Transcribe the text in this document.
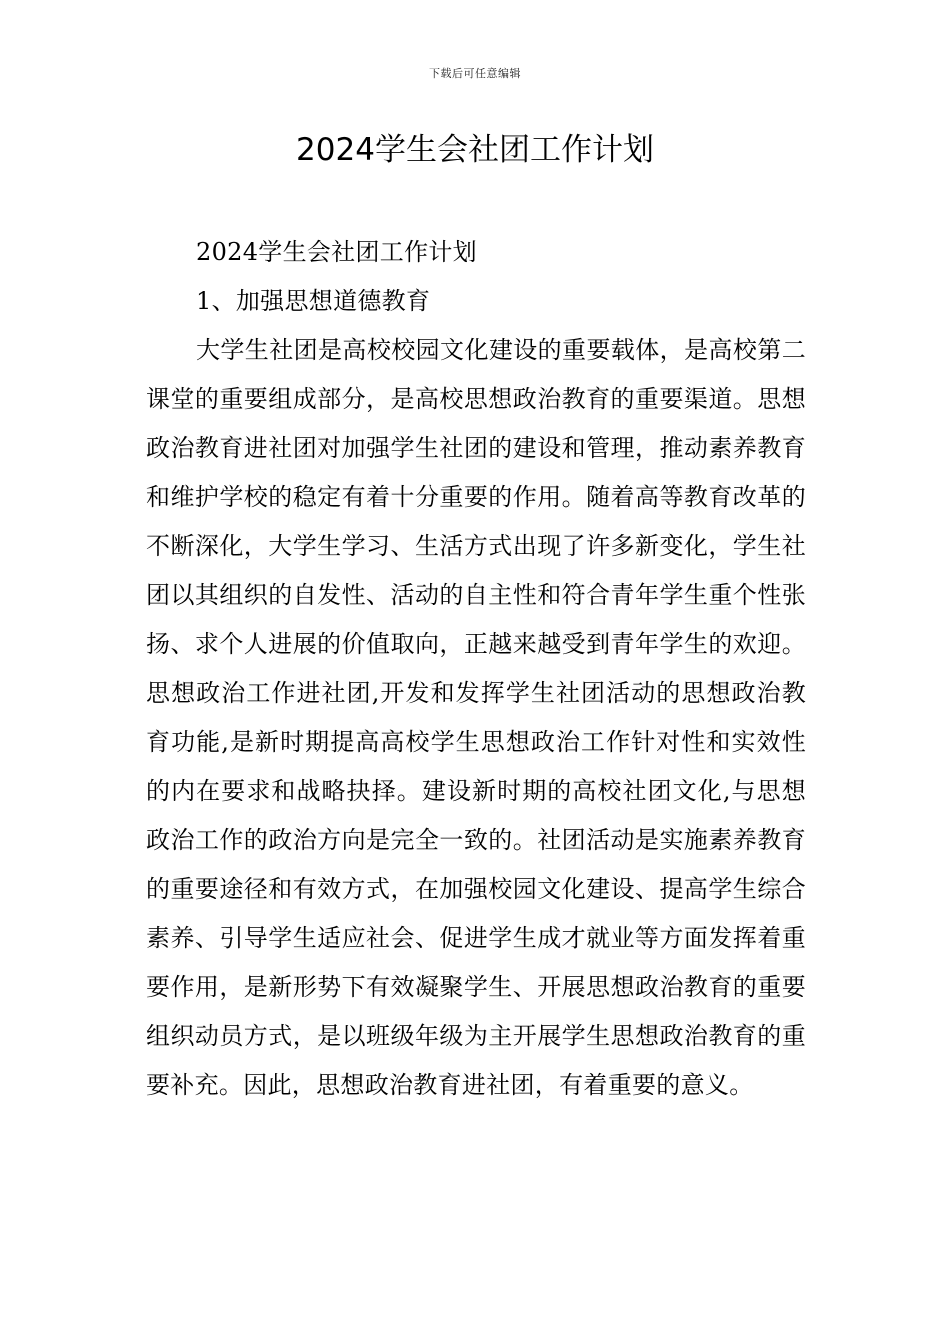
下载后可任意编辑
2024学生会社团工作计划

2024学生会社团工作计划

1、加强思想道德教育

大学生社团是高校校园文化建设的重要载体，是高校第二课堂的重要组成部分，是高校思想政治教育的重要渠道。思想政治教育进社团对加强学生社团的建设和管理，推动素养教育和维护学校的稳定有着十分重要的作用。随着高等教育改革的不断深化，大学生学习、生活方式出现了许多新变化，学生社团以其组织的自发性、活动的自主性和符合青年学生重个性张扬、求个人进展的价值取向，正越来越受到青年学生的欢迎。思想政治工作进社团,开发和发挥学生社团活动的思想政治教育功能,是新时期提高高校学生思想政治工作针对性和实效性的内在要求和战略抉择。建设新时期的高校社团文化,与思想政治工作的政治方向是完全一致的。社团活动是实施素养教育的重要途径和有效方式，在加强校园文化建设、提高学生综合素养、引导学生适应社会、促进学生成才就业等方面发挥着重要作用，是新形势下有效凝聚学生、开展思想政治教育的重要组织动员方式，是以班级年级为主开展学生思想政治教育的重要补充。因此，思想政治教育进社团，有着重要的意义。
